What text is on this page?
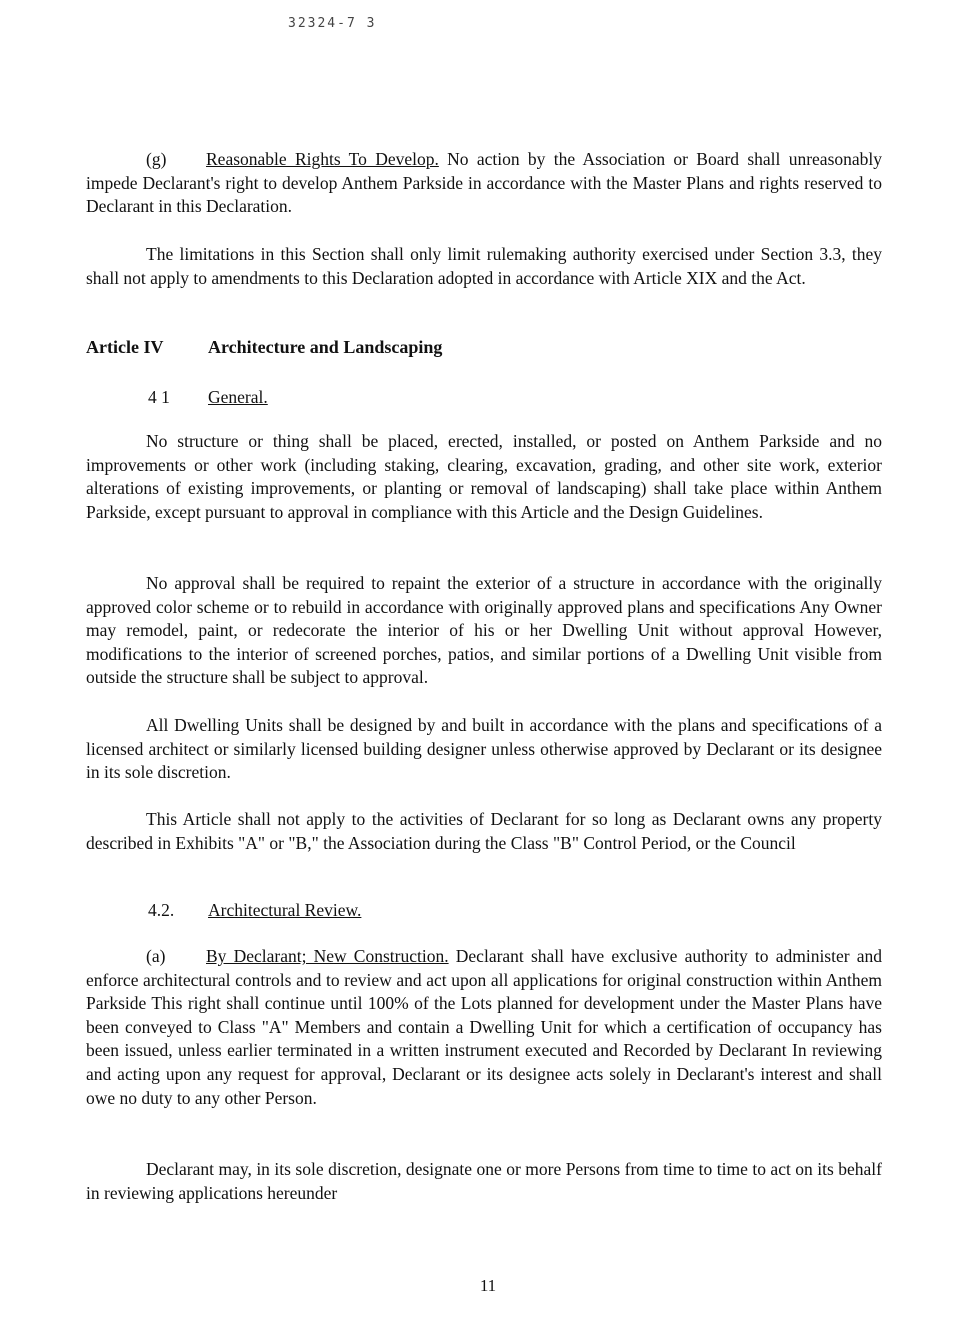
32324-7 3

(g) Reasonable Rights To Develop. No action by the Association or Board shall unreasonably impede Declarant's right to develop Anthem Parkside in accordance with the Master Plans and rights reserved to Declarant in this Declaration.

The limitations in this Section shall only limit rulemaking authority exercised under Section 3.3, they shall not apply to amendments to this Declaration adopted in accordance with Article XIX and the Act.

Article IV Architecture and Landscaping

4 1 General.

No structure or thing shall be placed, erected, installed, or posted on Anthem Parkside and no improvements or other work (including staking, clearing, excavation, grading, and other site work, exterior alterations of existing improvements, or planting or removal of landscaping) shall take place within Anthem Parkside, except pursuant to approval in compliance with this Article and the Design Guidelines.

No approval shall be required to repaint the exterior of a structure in accordance with the originally approved color scheme or to rebuild in accordance with originally approved plans and specifications Any Owner may remodel, paint, or redecorate the interior of his or her Dwelling Unit without approval However, modifications to the interior of screened porches, patios, and similar portions of a Dwelling Unit visible from outside the structure shall be subject to approval.

All Dwelling Units shall be designed by and built in accordance with the plans and specifications of a licensed architect or similarly licensed building designer unless otherwise approved by Declarant or its designee in its sole discretion.

This Article shall not apply to the activities of Declarant for so long as Declarant owns any property described in Exhibits "A" or "B," the Association during the Class "B" Control Period, or the Council

4.2. Architectural Review.

(a) By Declarant; New Construction. Declarant shall have exclusive authority to administer and enforce architectural controls and to review and act upon all applications for original construction within Anthem Parkside This right shall continue until 100% of the Lots planned for development under the Master Plans have been conveyed to Class "A" Members and contain a Dwelling Unit for which a certification of occupancy has been issued, unless earlier terminated in a written instrument executed and Recorded by Declarant In reviewing and acting upon any request for approval, Declarant or its designee acts solely in Declarant's interest and shall owe no duty to any other Person.

Declarant may, in its sole discretion, designate one or more Persons from time to time to act on its behalf in reviewing applications hereunder

11
